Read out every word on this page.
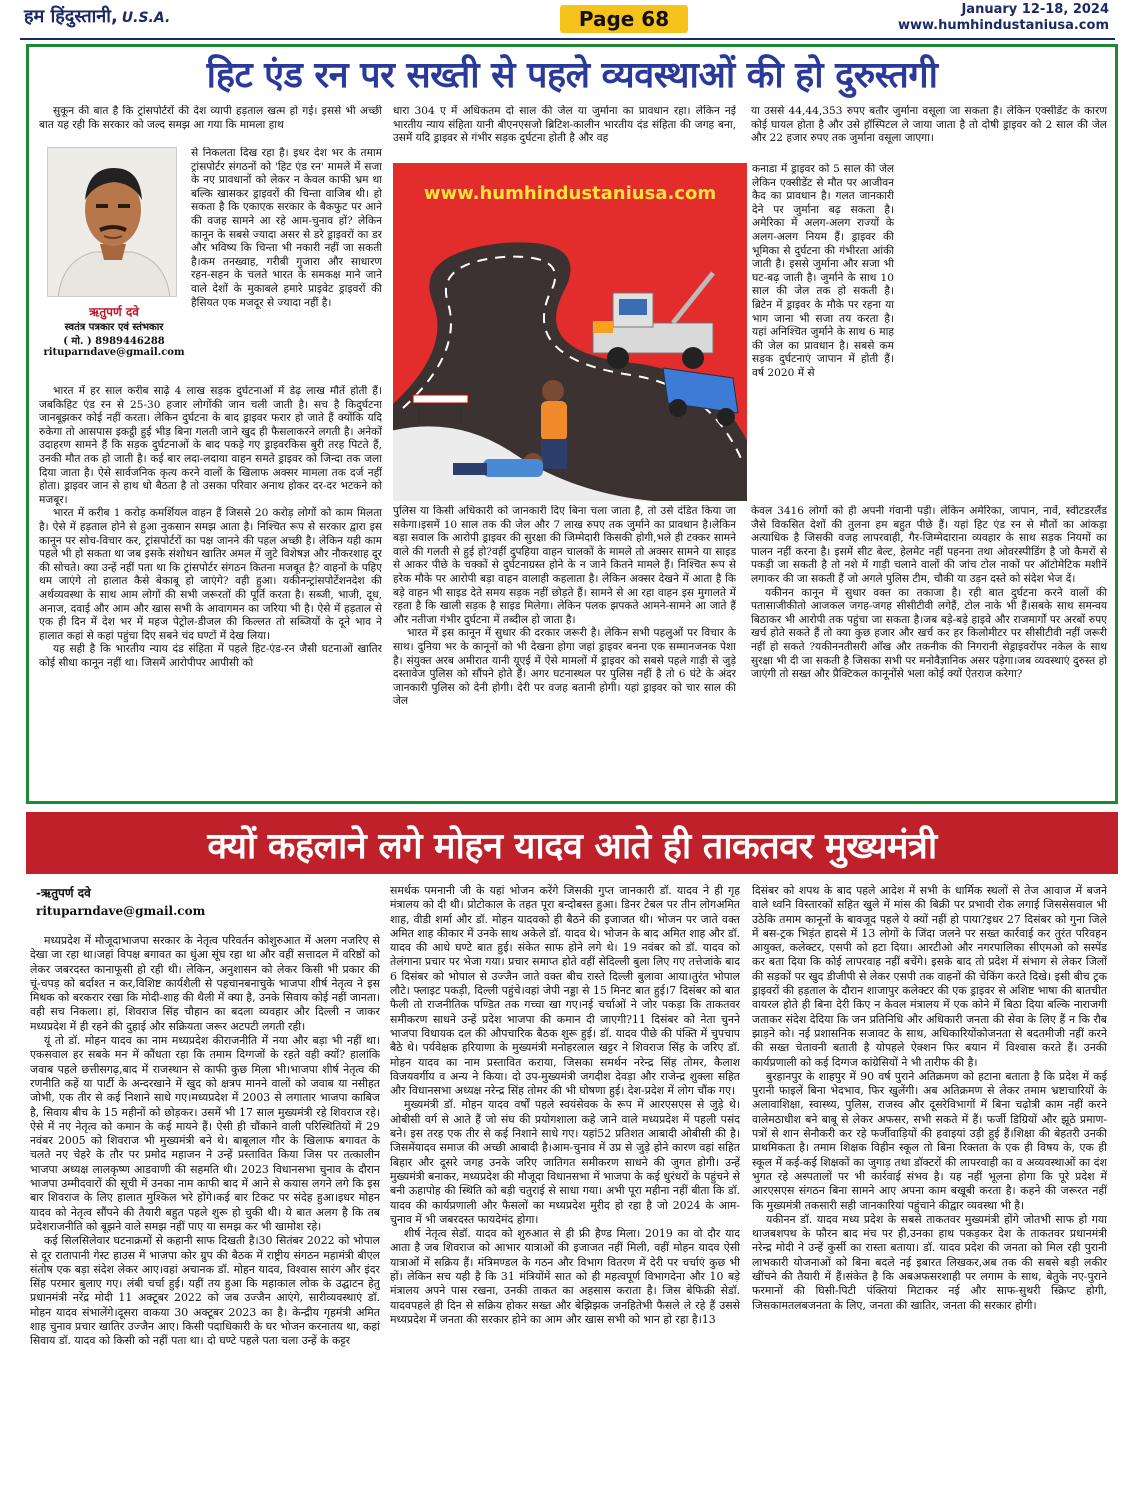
हम हिंदुस्तानी, U.S.A.	Page 68	January 12-18, 2024
www.humhindustaniusa.com
हिट एंड रन पर सख्ती से पहले व्यवस्थाओं की हो दुरुस्तगी

सुकून की बात है कि ट्रांसपोर्टरों की देश व्यापी हड़ताल खत्म हो गई। इससे भी अच्छी बात यह रही कि सरकार को जल्द समझ आ गया कि मामला हाथ

ऋतुपर्ण दवे
स्वतंत्र पत्रकार एवं स्तंभकार
( मो. ) 8989446288
rituparndave@gmail.com

से निकलता दिख रहा है। इधर देश भर के तमाम ट्रांसपोर्टर संगठनों को 'हिट एंड रन' मामले में सजा के नए प्रावधानों को लेकर न केवल काफी भ्रम था बल्कि खासकर ड्राइवरों की चिन्ता वाजिब थी। हो सकता है कि एकाएक सरकार के बैकफुट पर आने की वजह सामने आ रहे आम-चुनाव हों? लेकिन कानून के सबसे ज्यादा असर से डरे ड्राइवरों का डर और भविष्य कि चिन्ता भी नकारी नहीं जा सकती है।कम तनख्वाह, गरीबी गुजारा और साधारण रहन-सहन के चलते भारत के समकक्ष माने जाने वाले देशों के मुकाबले हमारे प्राइवेट ड्राइवरों की हैसियत एक मजदूर से ज्यादा नहीं है।

भारत में हर साल करीब साढ़े 4 लाख सड़क दुर्घटनाओं में डेढ़ लाख मौतें होती हैं। जबकिहिट एंड रन से 25-30 हजार लोगोंकी जान चली जाती है। सच है किदुर्घटना जानबूझकर कोई नहीं करता। लेकिन दुर्घटना के बाद ड्राइवर फरार हो जाते हैं क्योंकि यदि रुकेगा तो आसपास इकट्ठी हुई भीड़ बिना गलती जाने खुद ही फैसलाकरने लगती है। अनेकों उदाहरण सामने हैं कि सड़क दुर्घटनाओं के बाद पकड़े गए ड्राइवरकिस बुरी तरह पिटते हैं, उनकी मौत तक हो जाती है। कई बार लदा-लदाया वाहन समते ड्राइवर को जिन्दा तक जला दिया जाता है। ऐसे सार्वजनिक कृत्य करने वालों के खिलाफ अक्सर मामला तक दर्ज नहीं होता। ड्राइवर जान से हाथ धो बैठता है तो उसका परिवार अनाथ होकर दर-दर भटकने को मजबूर।

भारत में करीब 1 करोड़ कमर्शियल वाहन हैं जिससे 20 करोड़ लोगों को काम मिलता है। ऐसे में हड़ताल होने से हुआ नुकसान समझ आता है। निश्चित रूप से सरकार द्वारा इस कानून पर सोच-विचार कर, ट्रांसपोर्टरों का पक्ष जानने की पहल अच्छी है। लेकिन यही काम पहले भी हो सकता था जब इसके संशोधन खातिर अमल में जुटे विशेषज्ञ और नौकरशाह दूर की सोचते। क्या उन्हें नहीं पता था कि ट्रांसपोर्टर संगठन कितना मजबूत है? वाहनों के पहिए थम जाएंगे तो हालात कैसे बेकाबू हो जाएंगे? वही हुआ। यकीनन्ट्रांसपोर्टेशनदेश की अर्थव्यवस्था के साथ आम लोगों की सभी जरूरतों की पूर्ति करता है। सब्जी, भाजी, दूध, अनाज, दवाई और आम और खास सभी के आवागमन का जरिया भी है। ऐसे में हड़ताल से एक ही दिन में देश भर में महज पेट्रोल-डीजल की किल्लत तो सब्जियों के दूने भाव ने हालात कहां से कहां पहुंचा दिए सबने चंद घण्टों में देख लिया।

यह सही है कि भारतीय न्याय दंड संहिता में पहले हिट-एंड-रन जैसी घटनाओं खातिर कोई सीधा कानून नहीं था। जिसमें आरोपीपर आपीसी को

धारा 304 ए में अधिकतम दो साल की जेल या जुर्माना का प्रावधान रहा। लेकिन नई भारतीय न्याय संहिता यानी बीएनएसजो ब्रिटिश-कालीन भारतीय दंड संहिता की जगह बना, उसमें यदि ड्राइवर से गंभीर सड़क दुर्घटना होती है और वह

www.humhindustaniusa.com

या उससे 44,44,353 रुपए बतौर जुर्माना वसूला जा सकता है। लेकिन एक्सीडेंट के कारण कोई घायल होता है और उसे हॉस्पिटल ले जाया जाता है तो दोषी ड्राइवर को 2 साल की जेल और 22 हजार रुपए तक जुर्माना वसूला जाएगा।

कनाडा में ड्राइवर को 5 साल की जेल लेकिन एक्सीडेंट से मौत पर आजीवन कैद का प्रावधान है। गलत जानकारी देने पर जुर्माना बढ़ सकता है। अमेरिका में अलग-अलग राज्यों के अलग-अलग नियम हैं। ड्राइवर की भूमिका से दुर्घटना की गंभीरता आंकी जाती है। इससे जुर्माना और सजा भी घट-बढ़ जाती है। जुर्माने के साथ 10 साल की जेल तक हो सकती है। ब्रिटेन में ड्राइवर के मौके पर रहना या भाग जाना भी सजा तय करता है। यहां अनिश्चित जुर्माने के साथ 6 माह की जेल का प्रावधान है। सबसे कम सड़क दुर्घटनाएं जापान में होती हैं। वर्ष 2020 में से

पुलिस या किसी अधिकारी को जानकारी दिए बिना चला जाता है, तो उसे दंडित किया जा सकेगा।इसमें 10 साल तक की जेल और 7 लाख रुपए तक जुर्माने का प्रावधान है।लेकिन बड़ा सवाल कि आरोपी ड्राइवर की सुरक्षा की जिम्मेदारी किसकी होगी,भले ही टक्कर सामने वाले की गलती से हुई हो?वहीं दुपहिया वाहन चालकों के मामले तो अक्सर सामने या साइड से आकर पीछे के चक्कों से दुर्घटनाग्रस्त होने के न जाने कितने मामले हैं। निश्चित रूप से हरेक मौके पर आरोपी बड़ा वाहन वालाही कहलाता है। लेकिन अक्सर देखने में आता है कि बड़े वाहन भी साइड देते समय सड़क नहीं छोड़ते हैं। सामने से आ रहा वाहन इस मुगालते में रहता है कि खाली सड़क है साइड मिलेगा। लेकिन पलक झपकते आमने-सामने आ जाते हैं और नतीजा गंभीर दुर्घटना में तब्दील हो जाता है।

भारत में इस कानून में सुधार की दरकार जरूरी है। लेकिन सभी पहलुओं पर विचार के साथ। दुनिया भर के कानूनों को भी देखना होगा जहां ड्राइवर बनना एक सम्मानजनक पेशा है। संयुक्त अरब अमीरात यानी यूएई में ऐसे मामलों में ड्राइवर को सबसे पहले गाड़ी से जुड़े दस्तावेज पुलिस को सौंपने होते हैं। अगर घटनास्थल पर पुलिस नहीं है तो 6 घंटे के अंदर जानकारी पुलिस को देनी होगी। देरी पर वजह बतानी होगी। यहां ड्राइवर को चार साल की जेल

केवल 3416 लोगों को ही अपनी गंवानी पड़ी। लेकिन अमेरिका, जापान, नार्वे, स्वीटडरलैंड जैसे विकसित देशों की तुलना हम बहुत पीछे हैं। यहां हिट एंड रन से मौतों का आंकड़ा अत्याधिक है जिसकी वजह लापरवाही, गैर-जिम्मेदाराना व्यवहार के साथ सड़क नियमों का पालन नहीं करना है। इसमें सीट बेल्ट, हेलमेट नहीं पहनना तथा ओवरस्पीडिंग है जो कैमरों से पकड़ी जा सकती है तो नशे में गाड़ी चलाने वालों की जांच टोल नाकों पर ऑटोमेटिक मशीनें लगाकर की जा सकती हैं जो अगले पुलिस टीम, चौकी या उड़न दस्ते को संदेश भेज दें।

यकीनन कानून में सुधार वक्त का तकाजा है। रही बात दुर्घटना करने वालों की पतासाजीकीतो आजकल जगह-जगह सीसीटीवी लगेहैं, टोल नाके भी हैं।सबके साथ समन्वय बिठाकर भी आरोपी तक पहुंचा जा सकता है।जब बड़े-बड़े हाइवे और राजमार्गों पर अरबों रुपए खर्च होते सकते हैं तो क्या कुछ हजार और खर्च कर हर किलोमीटर पर सीसीटीवी नहीं जरूरी नहीं हो सकते ?यकीननतीसरी आँख और तकनीक की निगरानी सेड्राइवरोंपर नकेल के साथ सुरक्षा भी दी जा सकती है जिसका सभी पर मनोवैज्ञानिक असर पड़ेगा।जब व्यवस्थाएं दुरुस्त हो जाएंगी तो सख्त और प्रैक्टिकल कानूनोंसे भला कोई क्यों ऐतराज करेगा?

क्यों कहलाने लगे मोहन यादव आते ही ताकतवर मुख्यमंत्री
-ऋतुपर्ण दवे
rituparndave@gmail.com

मध्यप्रदेश में मौजूदाभाजपा सरकार के नेतृत्व परिवर्तन कोशुरुआत में अलग नजरिए से देखा जा रहा था।जहां विपक्ष बगावत का धुंआ सूंघ रहा था और वहीं सत्तादल में वरिष्ठों को लेकर जबरदस्त कानाफूसी हो रही थी। लेकिन, अनुशासन को लेकर किसी भी प्रकार की चूं-चपड़ को बर्दाश्त न कर,विशिष्ट कार्यशैली से पहचानबनाचुके भाजपा शीर्ष नेतृत्व ने इस मिथक को बरकरार रखा कि मोदी-शाह की थैली में क्या है, उनके सिवाय कोई नहीं जानता। वही सच निकला। हां, शिवराज सिंह चौहान का बदला व्यवहार और दिल्ली न जाकर मध्यप्रदेश में ही रहने की दुहाई और सक्रियता जरूर अटपटी लगती रही।

यूं तो डॉ. मोहन यादव का नाम मध्यप्रदेश कीराजनीति में नया और बड़ा भी नहीं था।एकसवाल हर सबके मन में कौंधता रहा कि तमाम दिग्गजों के रहते वही क्यों? हालांकि जवाब पहले छत्तीसगढ़,बाद में राजस्थान से काफी कुछ मिला भी।भाजपा शीर्ष नेतृत्व की रणनीति कहें या पार्टी के अन्दरखाने में खुद को क्षत्रप मानने वालों को जवाब या नसीहत जोभी, एक तीर से कई निशाने साधे गए।मध्यप्रदेश में 2003 से लगातार भाजपा काबिज है, सिवाय बीच के 15 महीनों को छोड़कर। उसमें भी 17 साल मुख्यमंत्री रहे शिवराज रहे।ऐसे में नए नेतृत्व को कमान के कई मायने हैं। ऐसी ही चौंकाने वाली परिस्थितियों में 29 नवंबर 2005 को शिवराज भी मुख्यमंत्री बने थे। बाबूलाल गौर के खिलाफ बगावत के चलते नए चेहरे के तौर पर प्रमोद महाजन ने उन्हें प्रस्तावित किया जिस पर तत्कालीन भाजपा अध्यक्ष लालकृष्ण आडवाणी की सहमति थी। 2023 विधानसभा चुनाव के दौरान भाजपा उम्मीदवारों की सूची में उनका नाम काफी बाद में आने से कयास लगने लगे कि इस बार शिवराज के लिए हालात मुश्किल भरे होंगे।कई बार टिकट पर संदेह हुआ।इधर मोहन यादव को नेतृत्व सौंपने की तैयारी बहुत पहले शुरू हो चुकी थी। ये बात अलग है कि तब प्रदेशराजनीति को बूझने वाले समझ नहीं पाए या समझ कर भी खामोश रहे।

कई सिलसिलेवार घटनाक्रमों से कहानी साफ दिखती है।30 सितंबर 2022 को भोपाल से दूर रातापानी गेस्ट हाउस में भाजपा कोर ग्रुप की बैठक में राष्ट्रीय संगठन महामंत्री बीएल संतोष एक बड़ा संदेश लेकर आए।वहां अचानक डॉ. मोहन यादव, विश्वास सारंग और इंदर सिंह परमार बुलाए गए। लंबी चर्चा हुई। यहीं तय हुआ कि महाकाल लोक के उद्घाटन हेतु प्रधानमंत्री नरेंद्र मोदी 11 अक्टूबर 2022 को जब उज्जैन आएंगे, सारीव्यवस्थाएं डॉ. मोहन यादव संभालेंगे।दूसरा वाकया 30 अक्टूबर 2023 का है। केन्द्रीय गृहमंत्री अमित शाह चुनाव प्रचार खातिर उज्जैन आए। किसी पदाधिकारी के घर भोजन करनातय था, कहां सिवाय डॉ. यादव को किसी को नहीं पता था। दो घण्टे पहले पता चला उन्हें के कट्टर

समर्थक पमनानी जी के यहां भोजन करेंगे जिसकी गुप्त जानकारी डॉ. यादव ने ही गृह मंत्रालय को दी थी। प्रोटोकाल के तहत पूरा बन्दोबस्त हुआ। डिनर टेबल पर तीन लोगअमित शाह, वीडी शर्मा और डॉ. मोहन यादवको ही बैठने की इजाजत थी। भोजन पर जाते वक्त अमित शाह कीकार में उनके साथ अकेले डॉ. यादव थे। भोजन के बाद अमित शाह और डॉ. यादव की आधे घण्टे बात हुई। संकेत साफ होने लगे थे। 19 नवंबर को डॉ. यादव को तेलंगाना प्रचार पर भेजा गया। प्रचार समाप्त होते वहीं सेदिल्ली बुला लिए गए तत्तेजांके बाद 6 दिसंबर को भोपाल से उज्जैन जाते वक्त बीच रास्ते दिल्ली बुलावा आया।तुरंत भोपाल लौटे। फ्लाइट पकड़ी, दिल्ली पहुंचे।वहां जेपी नड्डा से 15 मिनट बात हुई।7 दिसंबर को बात फैली तो राजनीतिक पण्डित तक गच्चा खा गए।नई चर्चाओं ने जोर पकड़ा कि ताकतवर समीकरण साधने उन्हें प्रदेश भाजपा की कमान दी जाएगी?11 दिसंबर को नेता चुनने भाजपा विधायक दल की औपचारिक बैठक शुरू हुई। डॉ. यादव पीछे की पंक्ति में चुपचाप बैठे थे। पर्यवेक्षक हरियाणा के मुख्यमंत्री मनोहरलाल खट्टर ने शिवराज सिंह के जरिए डॉ. मोहन यादव का नाम प्रस्तावित कराया, जिसका समर्थन नरेन्द्र सिंह तोमर, कैलाश विजयवर्गीय व अन्य ने किया। दो उप-मुख्यमंत्री जगदीश देवड़ा और राजेन्द्र शुक्ला सहित और विधानसभा अध्यक्ष नरेन्द्र सिंह तोमर की भी घोषणा हुई। देश-प्रदेश में लोग चौंक गए।

मुख्यमंत्री डॉ. मोहन यादव वर्षों पहले स्वयंसेवक के रूप में आरएसएस से जुड़े थे। ओबीसी वर्ग से आते हैं जो संघ की प्रयोगशाला कहे जाने वाले मध्यप्रदेश में पहली पसंद बने। इस तरह एक तीर से कई निशाने साधे गए। यहां52 प्रतिशत आबादी ओबीसी की है।जिसमेंयादव समाज की अच्छी आबादी है।आम-चुनाव में उप्र से जुड़े होने कारण वहां सहित बिहार और दूसरे जगह उनके जरिए जातिगत समीकरण साधने की जुगत होगी। उन्हें मुख्यमंत्री बनाकर, मध्यप्रदेश की मौजूदा विधानसभा में भाजपा के कई धुरंधरों के पहुंचने से बनी ऊहापोह की स्थिति को बड़ी चतुराई से साधा गया। अभी पूरा महीना नहीं बीता कि डॉ. यादव की कार्यप्रणाली और फैसलों का मध्यप्रदेश मुरीद हो रहा है जो 2024 के आम-चुनाव में भी जबरदस्त फायदेमंद होगा।

शीर्ष नेतृत्व सेडॉ. यादव को शुरुआत से ही फ्री हैण्ड मिला। 2019 का वो दौर याद आता है जब शिवराज को आभार यात्राओं की इजाजत नहीं मिली, वहीं मोहन यादव ऐसी यात्राओं में सक्रिय हैं। मंत्रिमण्डल के गठन और विभाग वितरण में देरी पर चर्चाएं कुछ भी हों। लेकिन सच यही है कि 31 मंत्रियोंमें सात को ही महत्वपूर्ण विभागदेना और 10 बड़े मंत्रालय अपने पास रखना, उनकी ताकत का अहसास कराता है। जिस बेफिक्री सेडॉ. यादवपहले ही दिन से सक्रिय होकर सख्त और बेझिझक जनहितेभी फैसले ले रहे हैं उससे मध्यप्रदेश में जनता की सरकार होने का आम और खास सभी को भान हो रहा है।13

दिसंबर को शपथ के बाद पहले आदेश में सभी के धार्मिक स्थलों से तेज आवाज में बजने वाले ध्वनि विस्तारकों सहित खुले में मांस की बिक्री पर प्रभावी रोक लगाई जिससेसवाल भी उठेकि तमाम कानूनों के बावजूद पहले ये क्यों नहीं हो पाया?इधर 27 दिसंबर को गुना जिले में बस-ट्रक भिड़ंत हादसे में 13 लोगों के जिंदा जलने पर सख्त कार्रवाई कर तुरंत परिवहन आयुक्त, कलेक्टर, एसपी को हटा दिया। आरटीओ और नगरपालिका सीएमओ को सस्पेंड कर बता दिया कि कोई लापरवाह नहीं बचेंगे। इसके बाद तो प्रदेश में संभाग से लेकर जिलों की सड़कों पर खुद डीजीपी से लेकर एसपी तक वाहनों की चेकिंग करते दिखे। इसी बीच ट्रक ड्राइवरों की हड़ताल के दौरान शाजापुर कलेक्टर की एक ड्राइवर से अशिष्ट भाषा की बातचीत वायरल होते ही बिना देरी किए न केवल मंत्रालय में एक कोने में बिठा दिया बल्कि नाराजगी जताकर संदेश देदिया कि जन प्रतिनिधि और अधिकारी जनता की सेवा के लिए हैं न कि रौब झाड़ने को। नई प्रशासनिक सजावट के साथ, अधिकारियोंकोजनता से बदतमीजी नहीं करने की सख्त चेतावनी बताती है योपहले ऐक्शन फिर बयान में विश्वास करते हैं। उनकी कार्यप्रणाली को कई दिग्गज कांग्रेसियों ने भी तारीफ की है।

बुरहानपुर के शाहपुर में 90 वर्ष पुराने अतिक्रमण को हटाना बताता है कि प्रदेश में कई पुरानी फाइलें बिना भेदभाव, फिर खुलेंगी। अब अतिक्रमण से लेकर तमाम भ्रष्टाचारियों के अलावाशिक्षा, स्वास्थ्य, पुलिस, राजस्व और दूसरेविभागों में बिना चढ़ोत्री काम नहीं करने वालेमठाधीश बने बाबू से लेकर अफसर, सभी सकते में हैं। फर्जी डिग्रियों और झूठे प्रमाण-पत्रों से शान सेनौकरी कर रहे फर्जीवाड़ियों की हवाइयां उड़ी हुई हैं।शिक्षा की बेहतरी उनकी प्राथमिकता है। तमाम शिक्षक विहीन स्कूल तो बिना रिक्तता के एक ही विषय के, एक ही स्कूल में कई-कई शिक्षकों का जुगाड़ तथा डॉक्टरों की लापरवाही का व अव्यवस्थाओं का दंश भुगत रहे अस्पतालों पर भी कार्रवाई संभव है। यह नहीं भूलना होगा कि पूरे प्रदेश में आरएसएस संगठन बिना सामने आए अपना काम बखूबी करता है। कहने की जरूरत नहीं कि मुख्यमंत्री तकसारी सही जानकारियां पहुंचाने कीद्वार व्यवस्था भी है।

यकीनन डॉ. यादव मध्य प्रदेश के सबसे ताकतवर मुख्यमंत्री होंगे जोतभी साफ हो गया थाजबशपथ के फौरन बाद मंच पर ही,उनका हाथ पकड़कर देश के ताकतवर प्रधानमंत्री नरेन्द्र मोदी ने उन्हें कुर्सी का रास्ता बताया। डॉ. यादव प्रदेश की जनता को मिल रही पुरानी लाभकारी योजनाओं को बिना बदले नई इबारत लिखकर,अब तक की सबसे बड़ी लकीर खींचने की तैयारी में हैं।संकेत है कि अबअफसरशाही पर लगाम के साथ, बेतुके नए-पुराने फरमानों की घिसी-पिटी पंक्तियां मिटाकर नई और साफ-सुथरी स्क्रिप्ट होगी, जिसकामतलबजनता के लिए, जनता की खातिर, जनता की सरकार होगी।
